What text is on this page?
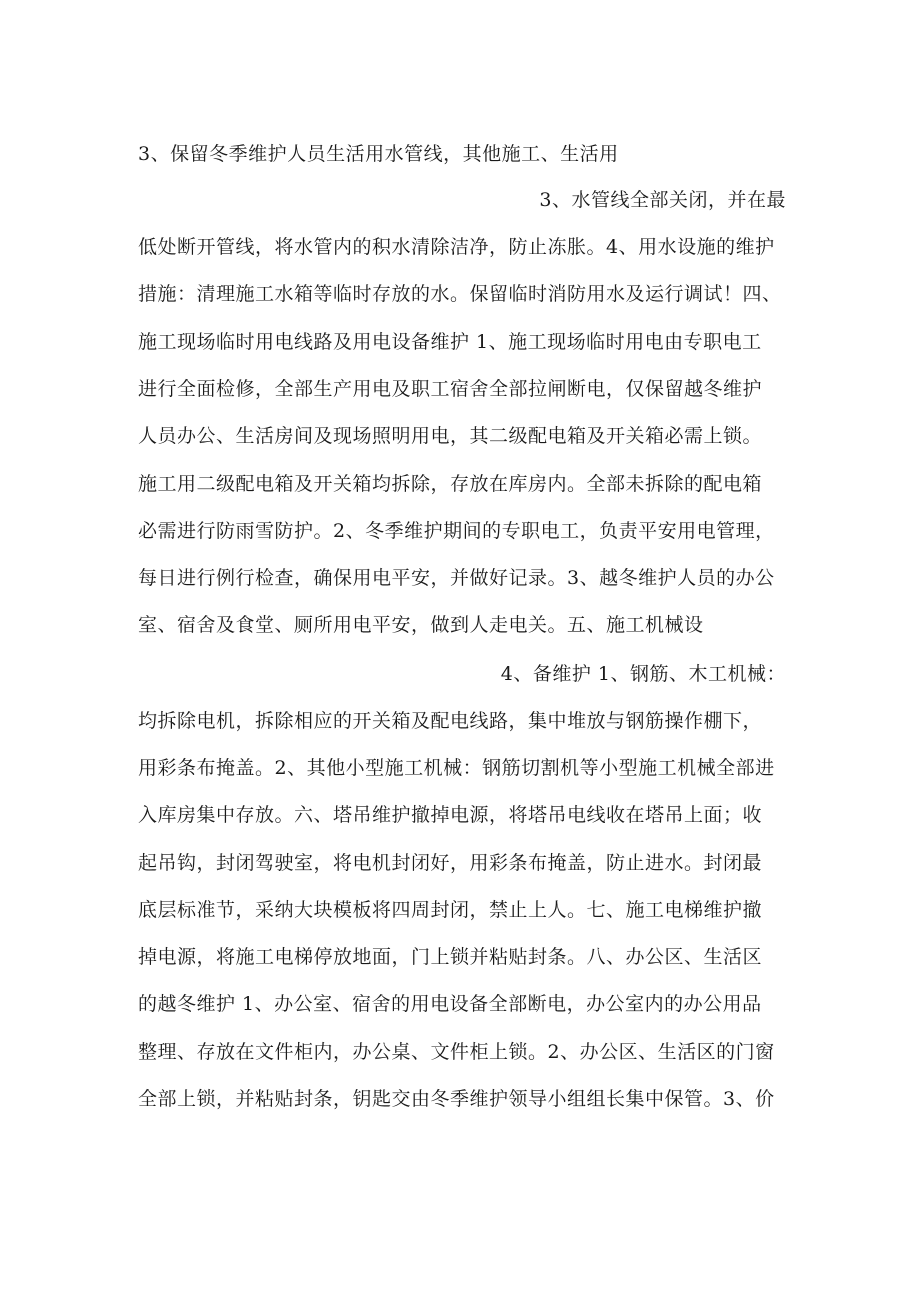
3、保留冬季维护人员生活用水管线，其他施工、生活用
3、水管线全部关闭，并在最
低处断开管线，将水管内的积水清除洁净，防止冻胀。4、用水设施的维护
措施：清理施工水箱等临时存放的水。保留临时消防用水及运行调试！四、
施工现场临时用电线路及用电设备维护 1、施工现场临时用电由专职电工
进行全面检修，全部生产用电及职工宿舍全部拉闸断电，仅保留越冬维护
人员办公、生活房间及现场照明用电，其二级配电箱及开关箱必需上锁。
施工用二级配电箱及开关箱均拆除，存放在库房内。全部未拆除的配电箱
必需进行防雨雪防护。2、冬季维护期间的专职电工，负责平安用电管理，
每日进行例行检查，确保用电平安，并做好记录。3、越冬维护人员的办公
室、宿舍及食堂、厕所用电平安，做到人走电关。五、施工机械设
4、备维护 1、钢筋、木工机械：
均拆除电机，拆除相应的开关箱及配电线路，集中堆放与钢筋操作棚下，
用彩条布掩盖。2、其他小型施工机械：钢筋切割机等小型施工机械全部进
入库房集中存放。六、塔吊维护撤掉电源，将塔吊电线收在塔吊上面；收
起吊钩，封闭驾驶室，将电机封闭好，用彩条布掩盖，防止进水。封闭最
底层标准节，采纳大块模板将四周封闭，禁止上人。七、施工电梯维护撤
掉电源，将施工电梯停放地面，门上锁并粘贴封条。八、办公区、生活区
的越冬维护 1、办公室、宿舍的用电设备全部断电，办公室内的办公用品
整理、存放在文件柜内，办公桌、文件柜上锁。2、办公区、生活区的门窗
全部上锁，并粘贴封条，钥匙交由冬季维护领导小组组长集中保管。3、价
